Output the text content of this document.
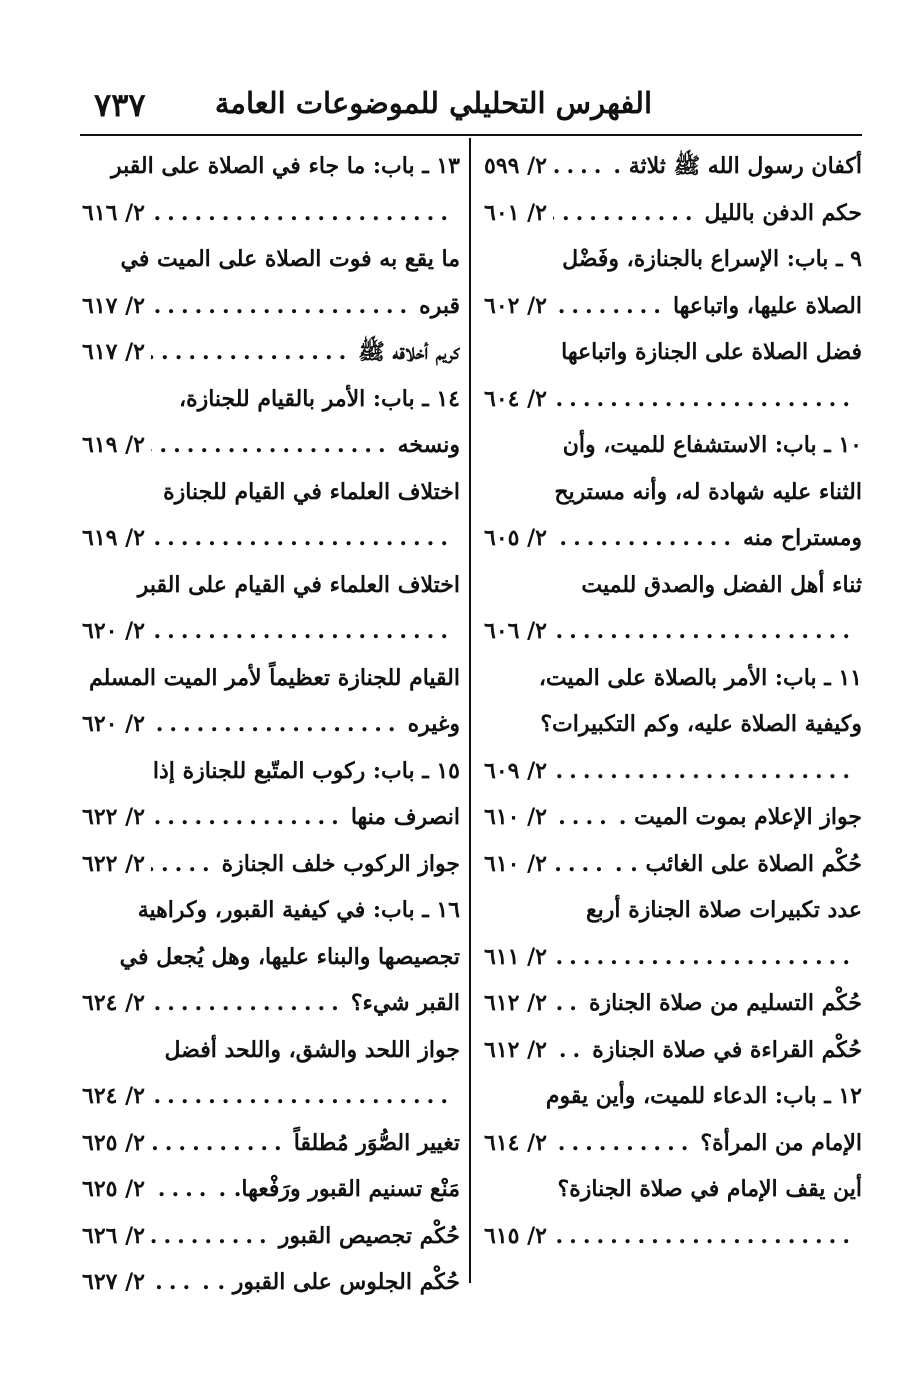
٧٣٧ الفهرس التحليلي للموضوعات العامة
أكفان رسول الله ﷺ ثلاثة .
.....
٢/ ٥٩٩
حكم الدفن بالليل
.....
٢/ ٦٠١
٩ ـ باب: الإسراع بالجنازة، وفَضْل
الصلاة عليها، واتباعها
.....
٢/ ٦٠٢
فضل الصلاة على الجنازة واتباعها
.....
٢/ ٦٠٤
١٠ ـ باب: الاستشفاع للميت، وأن
الثناء عليه شهادة له، وأنه مستريح
ومستراح منه
.....
٢/ ٦٠٥
ثناء أهل الفضل والصدق للميت
.....
٢/ ٦٠٦
١١ ـ باب: الأمر بالصلاة على الميت،
وكيفية الصلاة عليه، وكم التكبيرات؟
.....
٢/ ٦٠٩
جواز الإعلام بموت الميت .
.....
٢/ ٦١٠
حُكْم الصلاة على الغائب . .
.....
٢/ ٦١٠
عدد تكبيرات صلاة الجنازة أربع
.....
٢/ ٦١١
حُكْم التسليم من صلاة الجنازة
.....
٢/ ٦١٢
حُكْم القراءة في صلاة الجنازة
.....
٢/ ٦١٢
١٢ ـ باب: الدعاء للميت، وأين يقوم
الإمام من المرأة؟
.....
٢/ ٦١٤
أين يقف الإمام في صلاة الجنازة؟
.....
٢/ ٦١٥
١٣ ـ باب: ما جاء في الصلاة على القبر
.....
٢/ ٦١٦
ما يقع به فوت الصلاة على الميت في
قبره
.....
٢/ ٦١٧
كريم أخلاقه ﷺ
.....
٢/ ٦١٧
١٤ ـ باب: الأمر بالقيام للجنازة،
ونسخه
.....
٢/ ٦١٩
اختلاف العلماء في القيام للجنازة
.....
٢/ ٦١٩
اختلاف العلماء في القيام على القبر
.....
٢/ ٦٢٠
القيام للجنازة تعظيماً لأمر الميت المسلم
وغيره
.....
٢/ ٦٢٠
١٥ ـ باب: ركوب المتّبع للجنازة إذا
انصرف منها
.....
٢/ ٦٢٢
جواز الركوب خلف الجنازة
.....
٢/ ٦٢٢
١٦ ـ باب: في كيفية القبور، وكراهية
تجصيصها والبناء عليها، وهل يُجعل في
القبر شيء؟
.....
٢/ ٦٢٤
جواز اللحد والشق، واللحد أفضل
.....
٢/ ٦٢٤
تغيير الصُّوَر مُطلقاً
.....
٢/ ٦٢٥
مَنْع تسنيم القبور ورَفْعها. .
.....
٢/ ٦٢٥
حُكْم تجصيص القبور
.....
٢/ ٦٢٦
حُكْم الجلوس على القبور . .
.....
٢/ ٦٢٧
